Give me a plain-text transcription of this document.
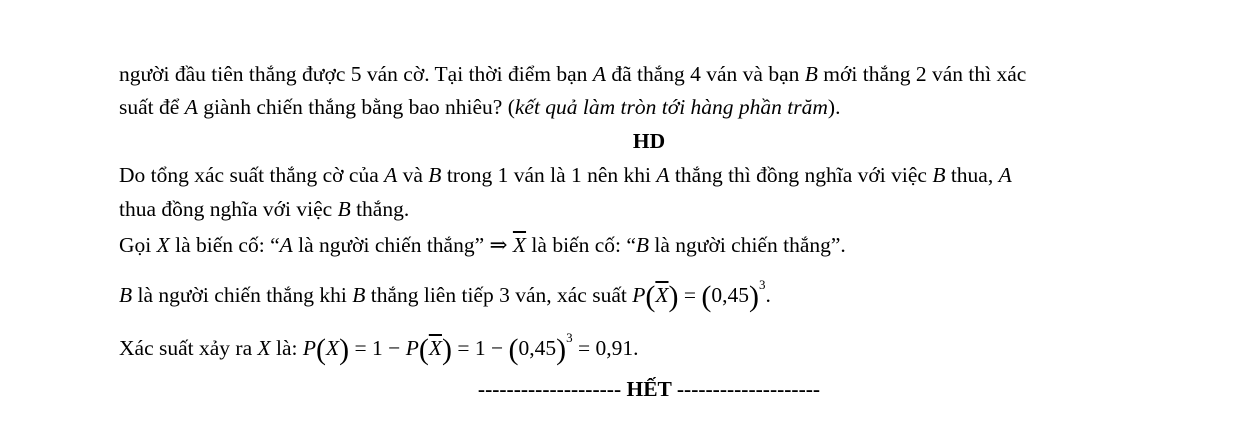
người đầu tiên thắng được 5 ván cờ. Tại thời điểm bạn A đã thắng 4 ván và bạn B mới thắng 2 ván thì xác
suất để A giành chiến thắng bằng bao nhiêu? (kết quả làm tròn tới hàng phần trăm).
HD
Do tổng xác suất thắng cờ của A và B trong 1 ván là 1 nên khi A thắng thì đồng nghĩa với việc B thua, A
thua đồng nghĩa với việc B thắng.
Gọi X là biến cố: “A là người chiến thắng” ⇒ $\overline{X}$ là biến cố: “B là người chiến thắng”.
B là người chiến thắng khi B thắng liên tiếp 3 ván, xác suất $P(\overline{X}) = (0,45)^3$.
Xác suất xảy ra X là: $P(X) = 1 - P(\overline{X}) = 1 - (0,45)^3 = 0,91$.
-------------------- HẾT --------------------
